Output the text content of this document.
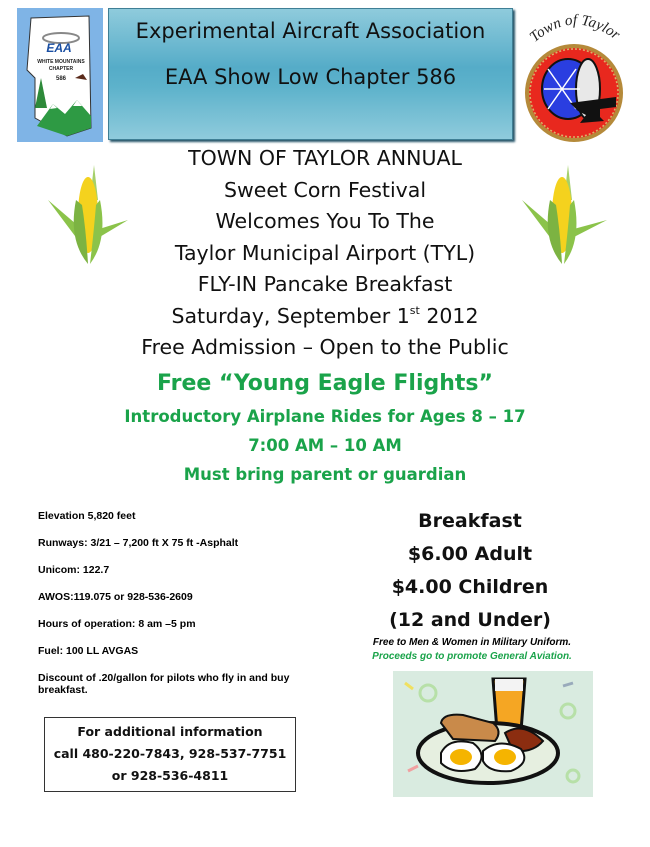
EAA
WHITE MOUNTAINS
CHAPTER
586
Experimental Aircraft Association
EAA Show Low Chapter 586
Town of Taylor
TOWN OF TAYLOR ANNUAL
Sweet Corn Festival
Welcomes You To The
Taylor Municipal Airport (TYL)
FLY-IN Pancake Breakfast
Saturday, September 1st 2012
Free Admission – Open to the Public
Free “Young Eagle Flights”
Introductory Airplane Rides for Ages 8 – 17
7:00 AM – 10 AM
Must bring parent or guardian
Elevation 5,820 feet
Runways: 3/21 – 7,200 ft X 75 ft -Asphalt
Unicom: 122.7
AWOS:119.075 or 928-536-2609
Hours of operation: 8 am –5 pm
Fuel: 100 LL AVGAS
Discount of .20/gallon for pilots who fly in and buy breakfast.
Breakfast
$6.00 Adult
$4.00 Children
(12 and Under)
Free to Men & Women in Military Uniform.
Proceeds go to promote General Aviation.
For additional information
call 480-220-7843, 928-537-7751
or 928-536-4811
